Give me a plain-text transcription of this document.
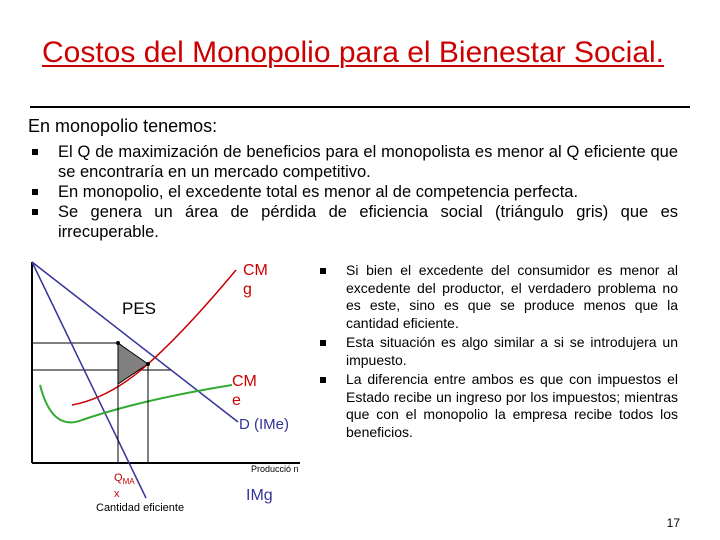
Costos del Monopolio para el Bienestar Social.
En monopolio tenemos:
El Q de maximización de beneficios para el monopolista es menor al Q eficiente que se encontraría en un mercado competitivo.
En monopolio, el excedente total es menor al de competencia perfecta.
Se genera un área de pérdida de eficiencia social (triángulo gris) que es irrecuperable.
PES
CM g
CM e
D (IMe)
$Q_{MA}$
x
Cantidad eficiente
Producció n
IMg
Si bien el excedente del consumidor es menor al excedente del productor, el verdadero problema no es este, sino es que se produce menos que la cantidad eficiente.
Esta situación es algo similar a si se introdujera un impuesto.
La diferencia entre ambos es que con impuestos el Estado recibe un ingreso por los impuestos; mientras que con el monopolio la empresa recibe todos los beneficios.
17
